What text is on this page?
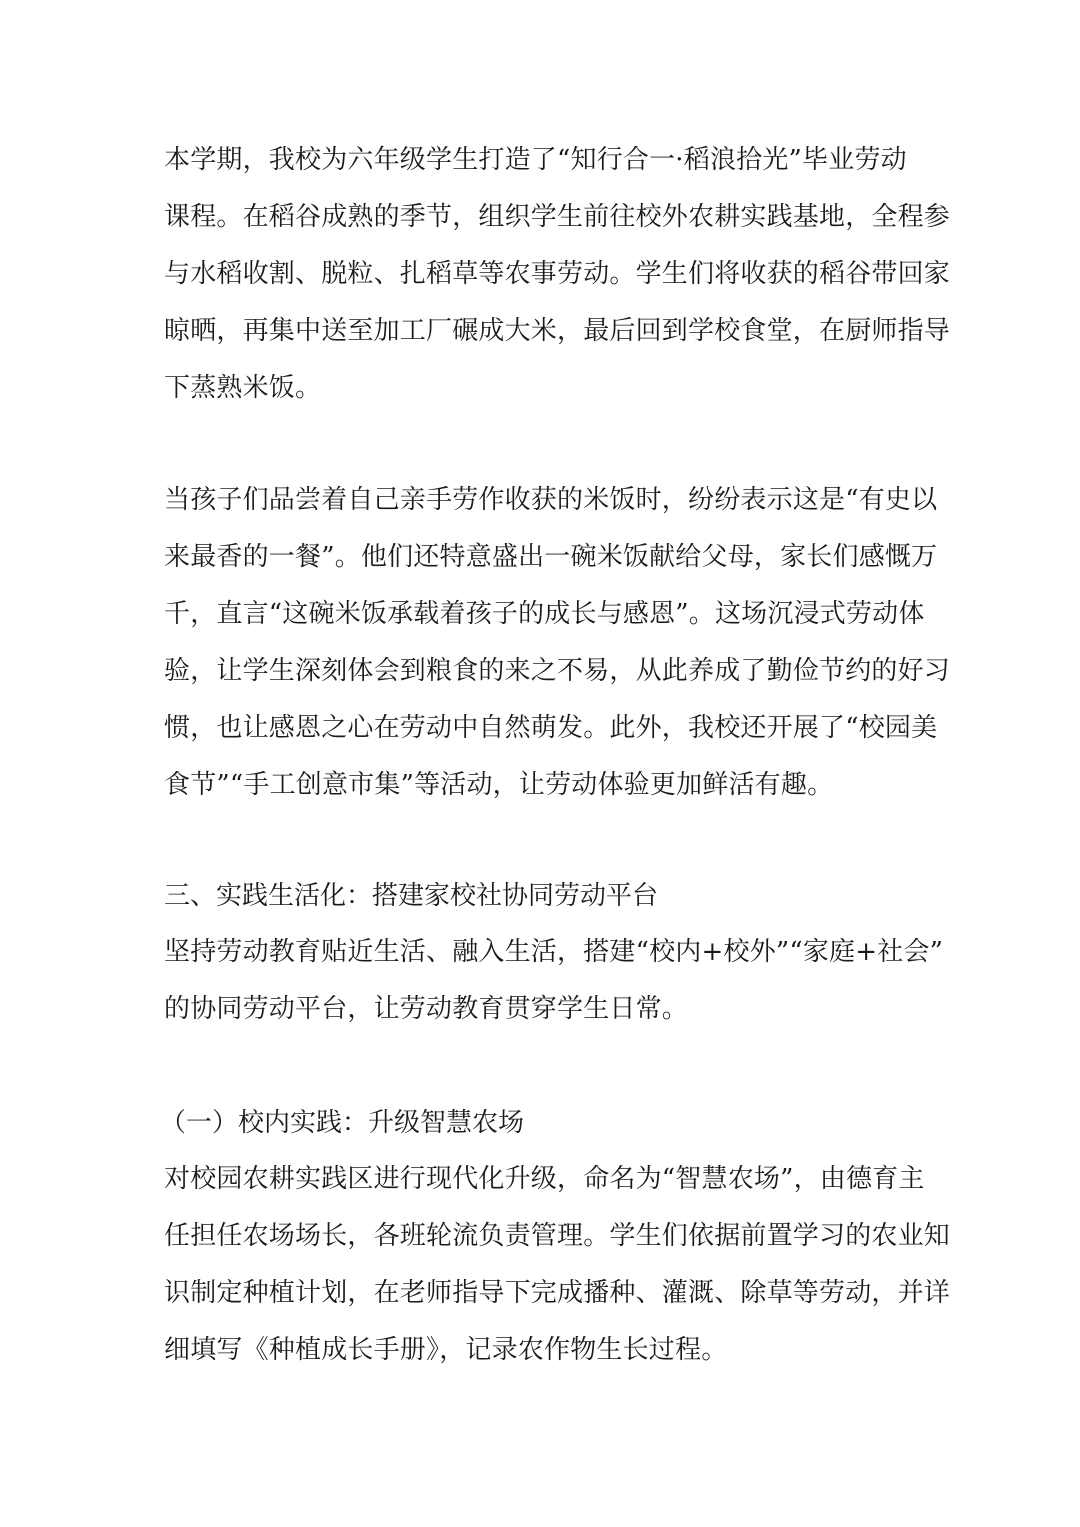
本学期，我校为六年级学生打造了“知行合一·稻浪拾光”毕业劳动
课程。在稻谷成熟的季节，组织学生前往校外农耕实践基地，全程参
与水稻收割、脱粒、扎稻草等农事劳动。学生们将收获的稻谷带回家
晾晒，再集中送至加工厂碾成大米，最后回到学校食堂，在厨师指导
下蒸熟米饭。
当孩子们品尝着自己亲手劳作收获的米饭时，纷纷表示这是“有史以
来最香的一餐”。他们还特意盛出一碗米饭献给父母，家长们感慨万
千，直言“这碗米饭承载着孩子的成长与感恩”。这场沉浸式劳动体
验，让学生深刻体会到粮食的来之不易，从此养成了勤俭节约的好习
惯，也让感恩之心在劳动中自然萌发。此外，我校还开展了“校园美
食节”“手工创意市集”等活动，让劳动体验更加鲜活有趣。
三、实践生活化：搭建家校社协同劳动平台
坚持劳动教育贴近生活、融入生活，搭建“校内+校外”“家庭+社会”
的协同劳动平台，让劳动教育贯穿学生日常。
（一）校内实践：升级智慧农场
对校园农耕实践区进行现代化升级，命名为“智慧农场”，由德育主
任担任农场场长，各班轮流负责管理。学生们依据前置学习的农业知
识制定种植计划，在老师指导下完成播种、灌溉、除草等劳动，并详
细填写《种植成长手册》，记录农作物生长过程。
